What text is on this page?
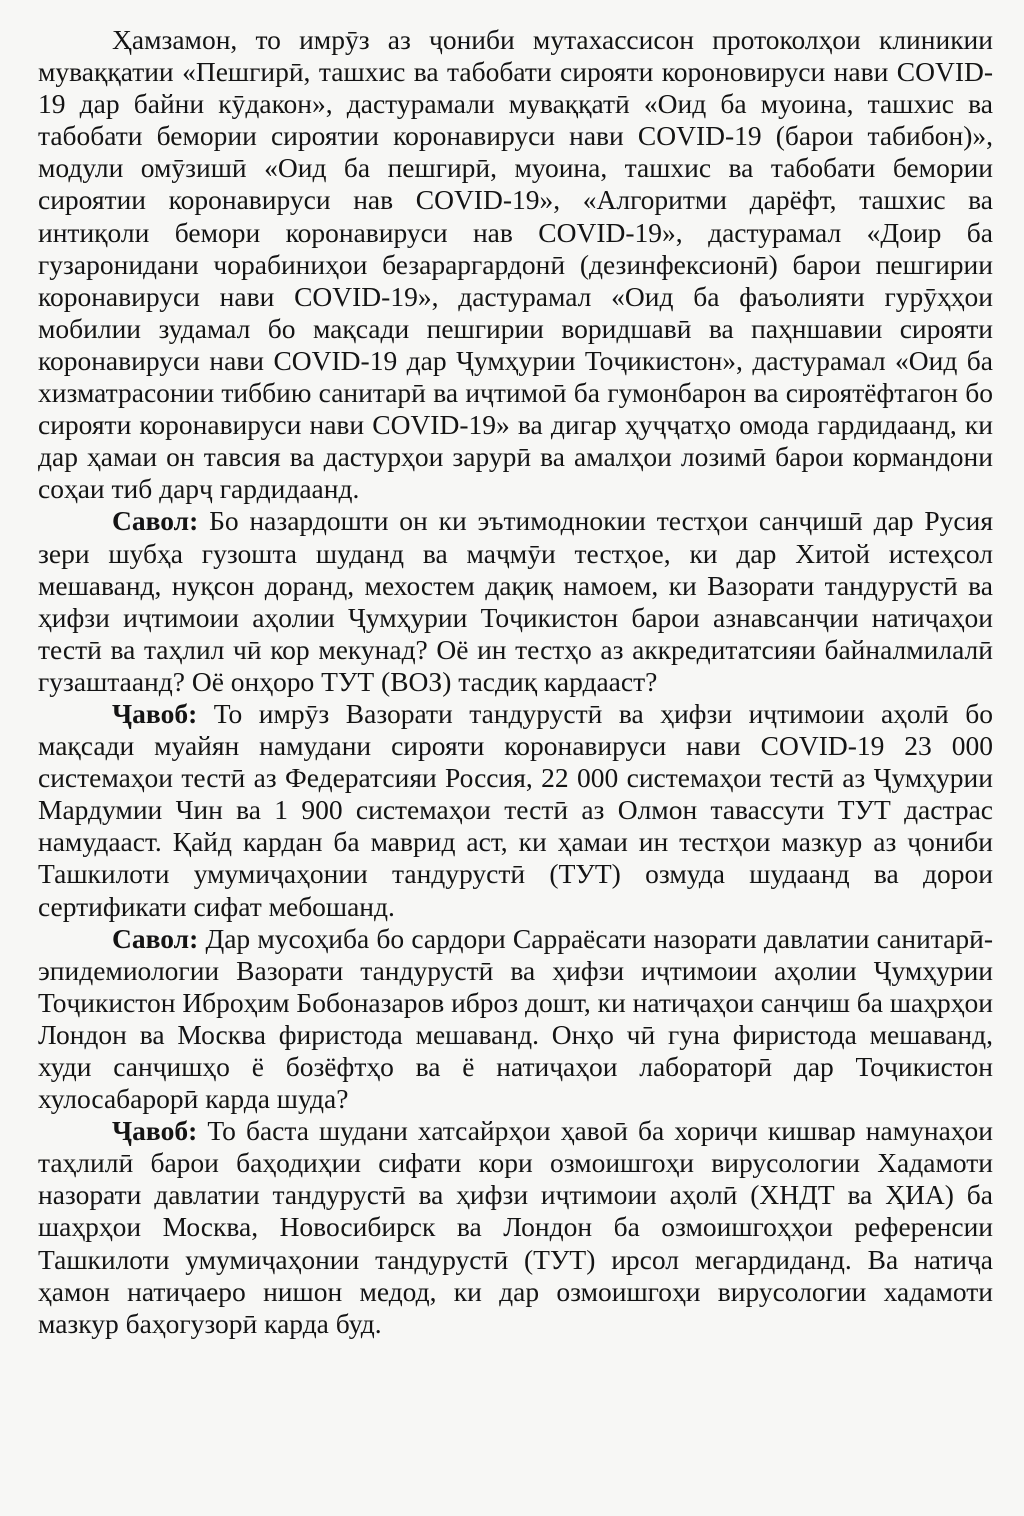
Ҳамзамон, то имрӯз аз ҷониби мутахассисон протоколҳои клиникии муваққатии «Пешгирӣ, ташхис ва табобати сирояти короновируси нави COVID-19 дар байни кӯдакон», дастурамали муваққатӣ «Оид ба муоина, ташхис ва табобати бемории сироятии коронавируси нави COVID-19 (барои табибон)», модули омӯзишӣ «Оид ба пешгирӣ, муоина, ташхис ва табобати бемории сироятии коронавируси нав COVID-19», «Алгоритми дарёфт, ташхис ва интиқоли бемори коронавируси нав COVID-19», дастурамал «Доир ба гузаронидани чорабиниҳои безараргардонӣ (дезинфексионӣ) барои пешгирии коронавируси нави COVID-19», дастурамал «Оид ба фаъолияти гурӯҳҳои мобилии зудамал бо мақсади пешгирии воридшавӣ ва паҳншавии сирояти коронавируси нави COVID-19 дар Ҷумҳурии Тоҷикистон», дастурамал «Оид ба хизматрасонии тиббию санитарӣ ва иҷтимоӣ ба гумонбарон ва сироятёфтагон бо сирояти коронавируси нави COVID-19» ва дигар ҳуҷҷатҳо омода гардидаанд, ки дар ҳамаи он тавсия ва дастурҳои зарурӣ ва амалҳои лозимӣ барои кормандони соҳаи тиб дарҷ гардидаанд.

Савол: Бо назардошти он ки эътимоднокии тестҳои санҷишӣ дар Русия зери шубҳа гузошта шуданд ва маҷмӯи тестҳое, ки дар Хитой истеҳсол мешаванд, нуқсон доранд, мехостем дақиқ намоем, ки Вазорати тандурустӣ ва ҳифзи иҷтимоии аҳолии Ҷумҳурии Тоҷикистон барои азнавсанҷии натиҷаҳои тестӣ ва таҳлил чӣ кор мекунад? Оё ин тестҳо аз аккредитатсияи байналмилалӣ гузаштаанд? Оё онҳоро ТУТ (ВОЗ) тасдиқ кардааст?

Ҷавоб: То имрӯз Вазорати тандурустӣ ва ҳифзи иҷтимоии аҳолӣ бо мақсади муайян намудани сирояти коронавируси нави COVID-19 23 000 системаҳои тестӣ аз Федератсияи Россия, 22 000 системаҳои тестӣ аз Ҷумҳурии Мардумии Чин ва 1 900 системаҳои тестӣ аз Олмон тавассути ТУТ дастрас намудааст. Қайд кардан ба маврид аст, ки ҳамаи ин тестҳои мазкур аз ҷониби Ташкилоти умумиҷаҳонии тандурустӣ (ТУТ) озмуда шудаанд ва дорои сертификати сифат мебошанд.

Савол: Дар мусоҳиба бо сардори Сарраёсати назорати давлатии санитарӣ-эпидемиологии Вазорати тандурустӣ ва ҳифзи иҷтимоии аҳолии Ҷумҳурии Тоҷикистон Иброҳим Бобоназаров иброз дошт, ки натиҷаҳои санҷиш ба шаҳрҳои Лондон ва Москва фиристода мешаванд. Онҳо чӣ гуна фиристода мешаванд, худи санҷишҳо ё бозёфтҳо ва ё натиҷаҳои лабораторӣ дар Тоҷикистон хулосабарорӣ карда шуда?

Ҷавоб: То баста шудани хатсайрҳои ҳавоӣ ба хориҷи кишвар намунаҳои таҳлилӣ барои баҳодиҳии сифати кори озмоишгоҳи вирусологии Хадамоти назорати давлатии тандурустӣ ва ҳифзи иҷтимоии аҳолӣ (ХНДТ ва ҲИА) ба шаҳрҳои Москва, Новосибирск ва Лондон ба озмоишгоҳҳои референсии Ташкилоти умумиҷаҳонии тандурустӣ (ТУТ) ирсол мегардиданд. Ва натиҷа ҳамон натиҷаеро нишон медод, ки дар озмоишгоҳи вирусологии хадамоти мазкур баҳогузорӣ карда буд.
